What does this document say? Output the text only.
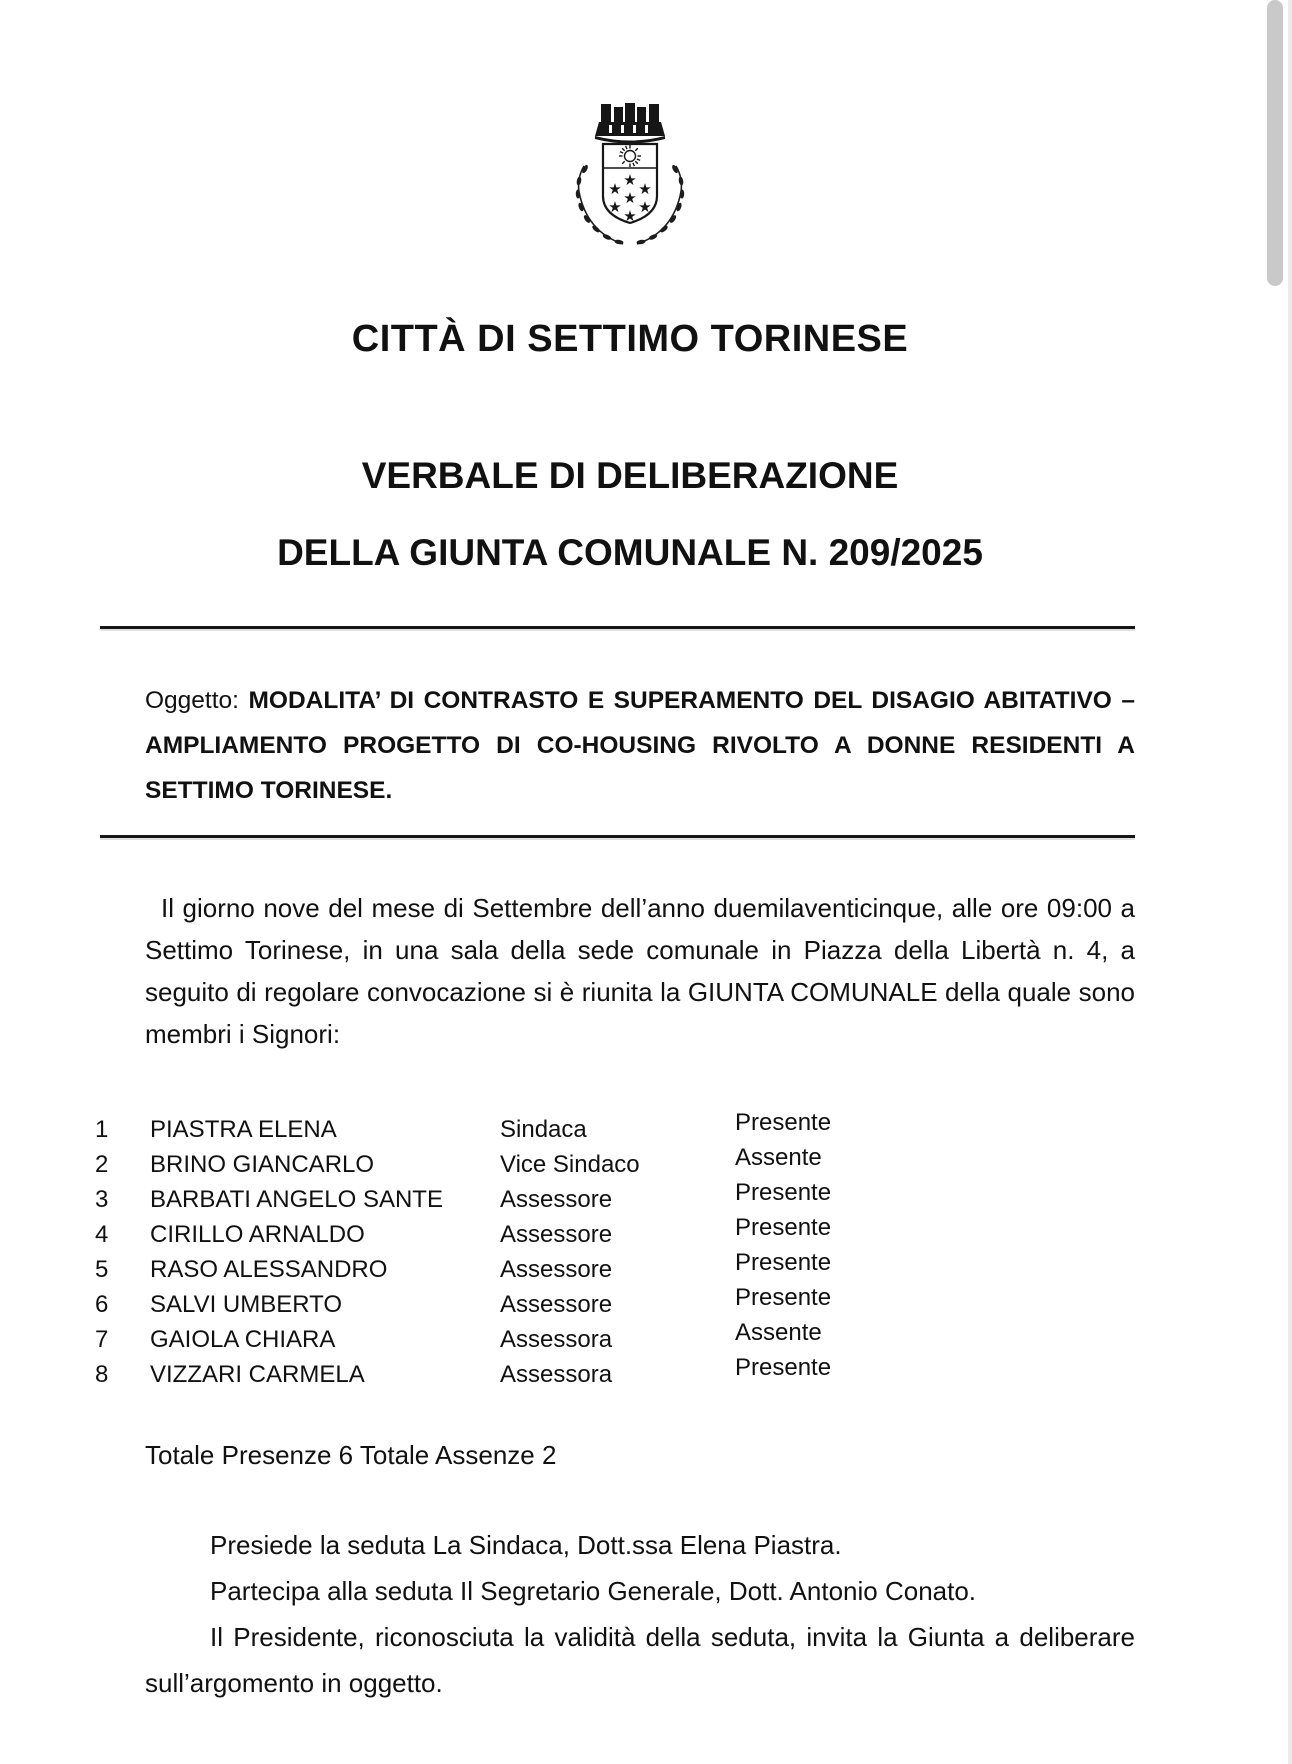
★
★ ★
★
★ ★
★
CITTÀ DI SETTIMO TORINESE
VERBALE DI DELIBERAZIONE
DELLA GIUNTA COMUNALE N. 209/2025
Oggetto: MODALITA’ DI CONTRASTO E SUPERAMENTO DEL DISAGIO ABITATIVO – AMPLIAMENTO PROGETTO DI CO-HOUSING RIVOLTO A DONNE RESIDENTI A SETTIMO TORINESE.
Il giorno nove del mese di Settembre dell’anno duemilaventicinque, alle ore 09:00 a Settimo Torinese, in una sala della sede comunale in Piazza della Libertà n. 4, a seguito di regolare convocazione si è riunita la GIUNTA COMUNALE della quale sono membri i Signori:
1 PIASTRA ELENA	Sindaca	Presente
2 BRINO GIANCARLO	Vice Sindaco	Assente
3 BARBATI ANGELO SANTE Assessore	Presente
4 CIRILLO ARNALDO	Assessore	Presente
5 RASO ALESSANDRO	Assessore	Presente
6 SALVI UMBERTO	Assessore	Presente
7 GAIOLA CHIARA	Assessora	Assente
8 VIZZARI CARMELA	Assessora	Presente
Totale Presenze 6 Totale Assenze 2

Presiede la seduta La Sindaca, Dott.ssa Elena Piastra.

Partecipa alla seduta Il Segretario Generale, Dott. Antonio Conato.

Il Presidente, riconosciuta la validità della seduta, invita la Giunta a deliberare sull’argomento in oggetto.
